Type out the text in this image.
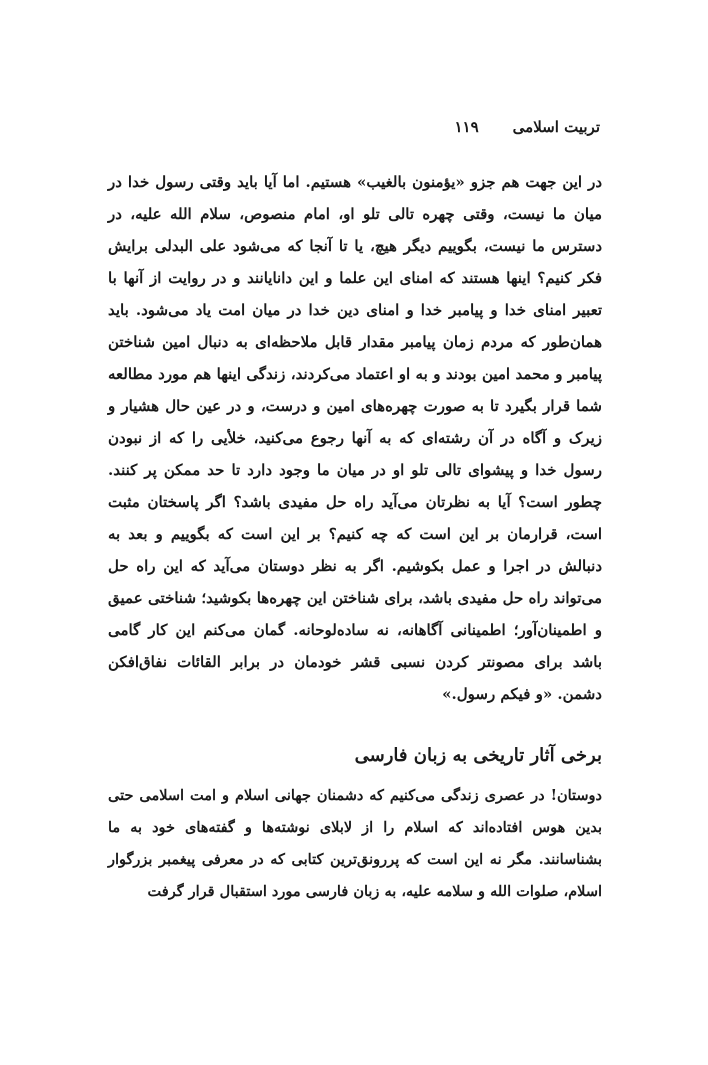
تربیت اسلامی
۱۱۹

در این جهت هم جزو «یؤمنون بالغیب» هستیم. اما آیا باید وقتی رسول خدا در میان ما نیست، وقتی چهره تالی تلو او، امام منصوص، سلام الله علیه، در دسترس ما نیست، بگوییم دیگر هیچ، یا تا آنجا که می‌شود علی البدلی برایش فکر کنیم؟ اینها هستند که امنای این علما و این دانایانند و در روایت از آنها با تعبیر امنای خدا و پیامبر خدا و امنای دین خدا در میان امت یاد می‌شود. باید همان‌طور که مردم زمان پیامبر مقدار قابل ملاحظه‌ای به دنبال امین شناختن پیامبر و محمد امین بودند و به او اعتماد می‌کردند، زندگی اینها هم مورد مطالعه شما قرار بگیرد تا به صورت چهره‌های امین و درست، و در عین حال هشیار و زیرک و آگاه در آن رشته‌ای که به آنها رجوع می‌کنید، خلأیی را که از نبودن رسول خدا و پیشوای تالی تلو او در میان ما وجود دارد تا حد ممکن پر کنند. چطور است؟ آیا به نظرتان می‌آید راه حل مفیدی باشد؟ اگر پاسختان مثبت است، قرارمان بر این است که چه کنیم؟ بر این است که بگوییم و بعد به دنبالش در اجرا و عمل بکوشیم. اگر به نظر دوستان می‌آید که این راه حل می‌تواند راه حل مفیدی باشد، برای شناختن این چهره‌ها بکوشید؛ شناختی عمیق و اطمینان‌آور؛ اطمینانی آگاهانه، نه ساده‌لوحانه. گمان می‌کنم این کار گامی باشد برای مصونتر کردن نسبی قشر خودمان در برابر القائات نفاق‌افکن دشمن. «و فیکم رسول.»

برخی آثار تاریخی به زبان فارسی

دوستان! در عصری زندگی می‌کنیم که دشمنان جهانی اسلام و امت اسلامی حتی بدین هوس افتاده‌اند که اسلام را از لابلای نوشته‌ها و گفته‌های خود به ما بشناسانند. مگر نه این است که پررونق‌ترین کتابی که در معرفی پیغمبر بزرگوار اسلام، صلوات الله و سلامه علیه، به زبان فارسی مورد استقبال قرار گرفت
